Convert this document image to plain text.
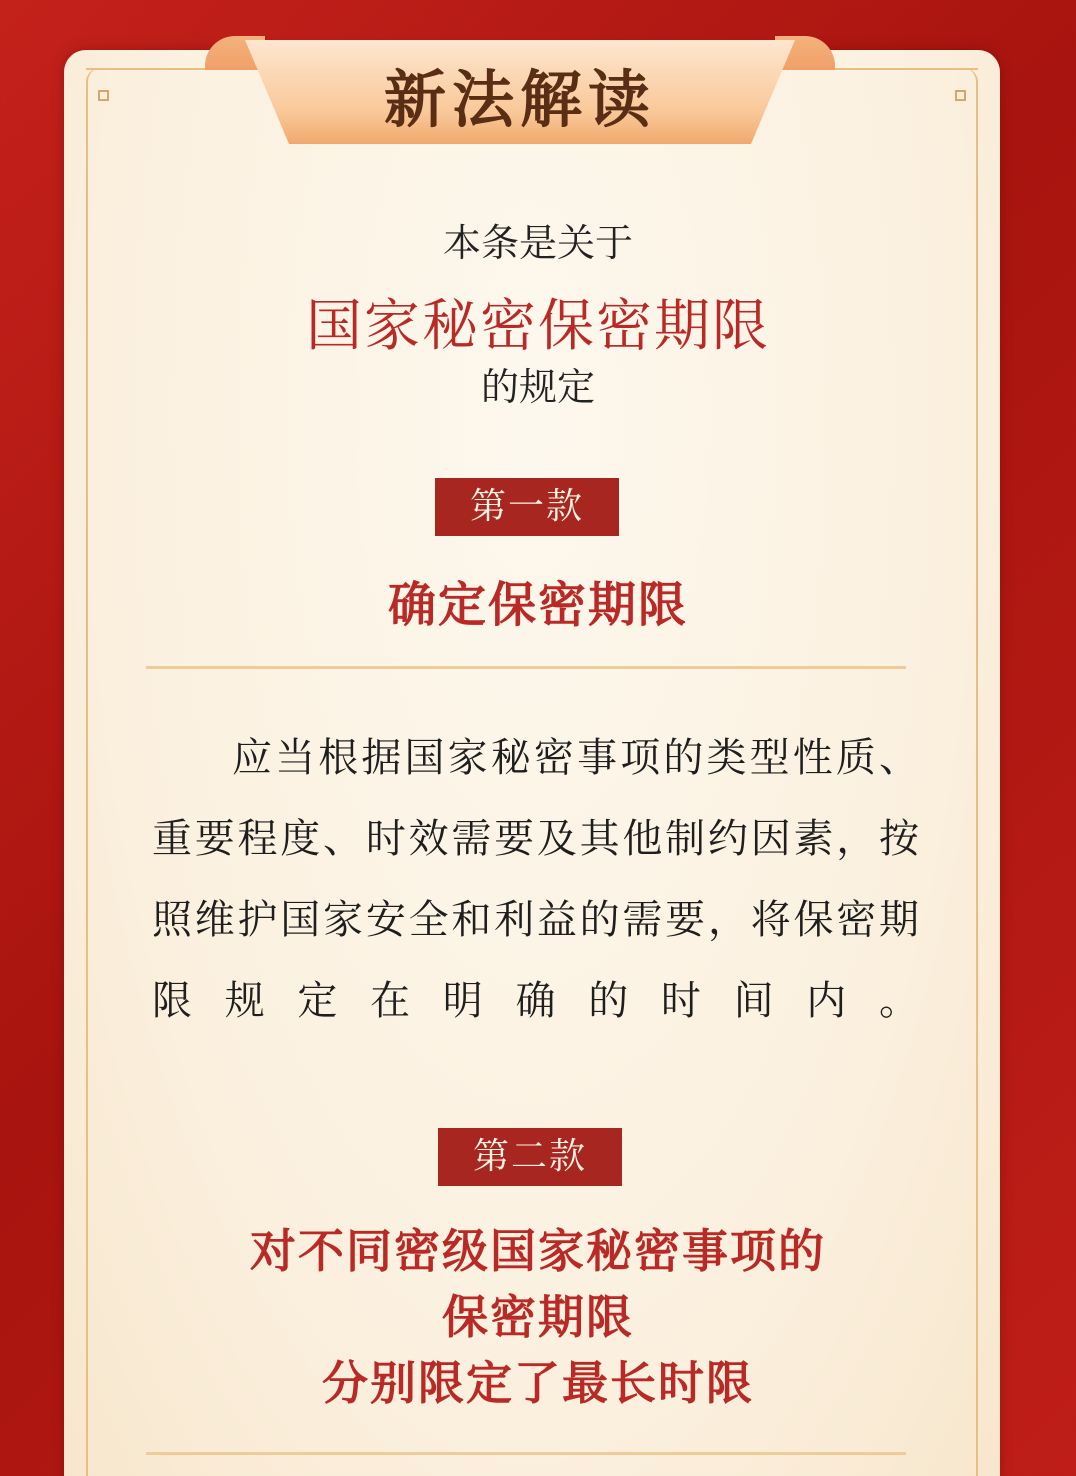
新法解读
本条是关于
国家秘密保密期限
的规定
第一款
确定保密期限
应当根据国家秘密事项的类型性质、重要程度、时效需要及其他制约因素，按照维护国家安全和利益的需要，将保密期限规定在明确的时间内。
第二款
对不同密级国家秘密事项的
保密期限
分别限定了最长时限
